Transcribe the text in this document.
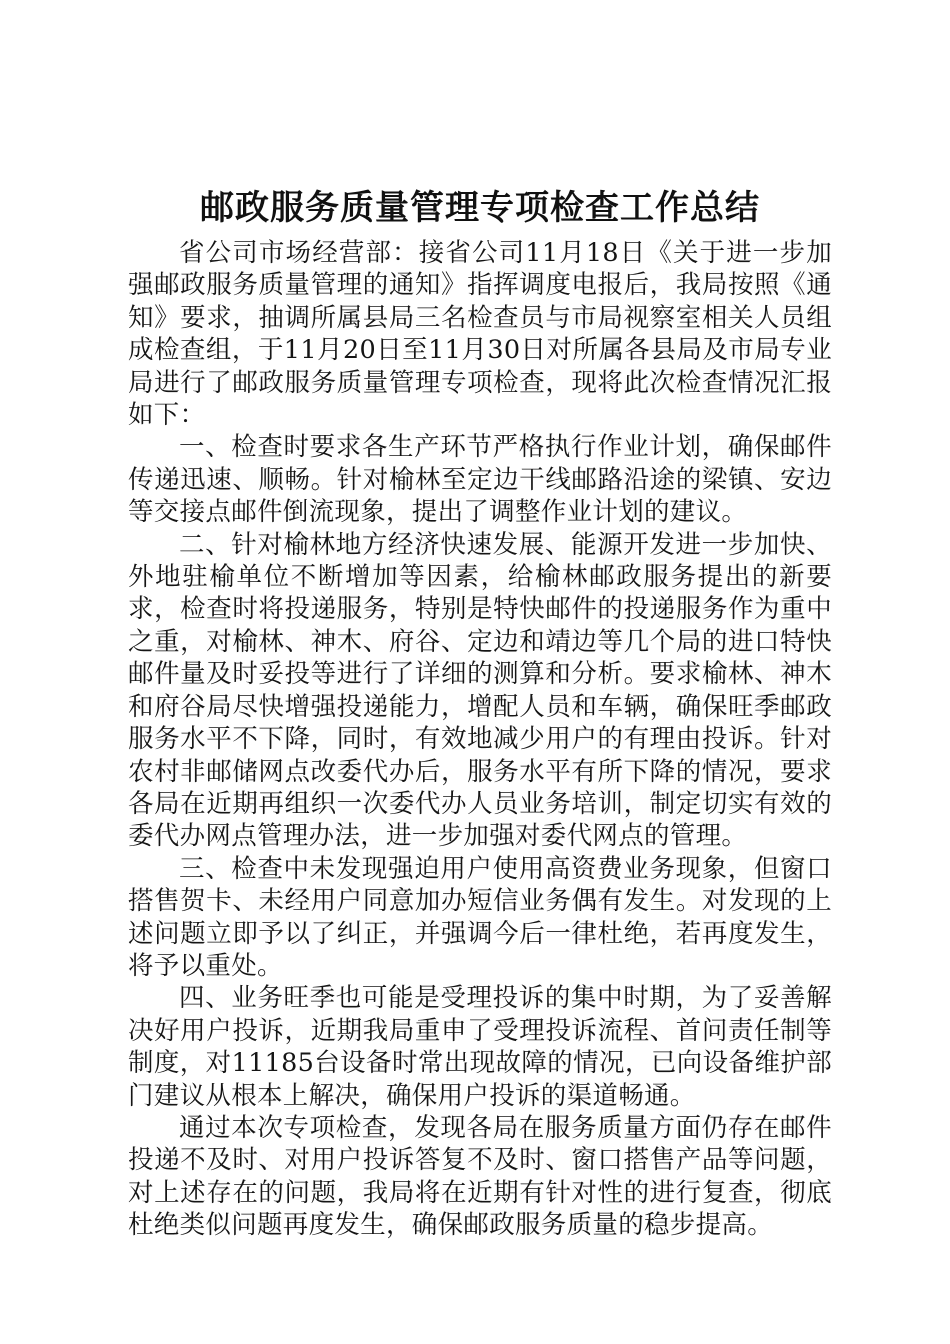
邮政服务质量管理专项检查工作总结

省公司市场经营部：接省公司11月18日《关于进一步加强邮政服务质量管理的通知》指挥调度电报后，我局按照《通知》要求，抽调所属县局三名检查员与市局视察室相关人员组成检查组，于11月20日至11月30日对所属各县局及市局专业局进行了邮政服务质量管理专项检查，现将此次检查情况汇报如下：

一、检查时要求各生产环节严格执行作业计划，确保邮件传递迅速、顺畅。针对榆林至定边干线邮路沿途的梁镇、安边等交接点邮件倒流现象，提出了调整作业计划的建议。

二、针对榆林地方经济快速发展、能源开发进一步加快、外地驻榆单位不断增加等因素，给榆林邮政服务提出的新要求，检查时将投递服务，特别是特快邮件的投递服务作为重中之重，对榆林、神木、府谷、定边和靖边等几个局的进口特快邮件量及时妥投等进行了详细的测算和分析。要求榆林、神木和府谷局尽快增强投递能力，增配人员和车辆，确保旺季邮政服务水平不下降，同时，有效地减少用户的有理由投诉。针对农村非邮储网点改委代办后，服务水平有所下降的情况，要求各局在近期再组织一次委代办人员业务培训，制定切实有效的委代办网点管理办法，进一步加强对委代网点的管理。

三、检查中未发现强迫用户使用高资费业务现象，但窗口搭售贺卡、未经用户同意加办短信业务偶有发生。对发现的上述问题立即予以了纠正，并强调今后一律杜绝，若再度发生，将予以重处。

四、业务旺季也可能是受理投诉的集中时期，为了妥善解决好用户投诉，近期我局重申了受理投诉流程、首问责任制等制度，对11185台设备时常出现故障的情况，已向设备维护部门建议从根本上解决，确保用户投诉的渠道畅通。

通过本次专项检查，发现各局在服务质量方面仍存在邮件投递不及时、对用户投诉答复不及时、窗口搭售产品等问题，对上述存在的问题，我局将在近期有针对性的进行复查，彻底杜绝类似问题再度发生，确保邮政服务质量的稳步提高。
